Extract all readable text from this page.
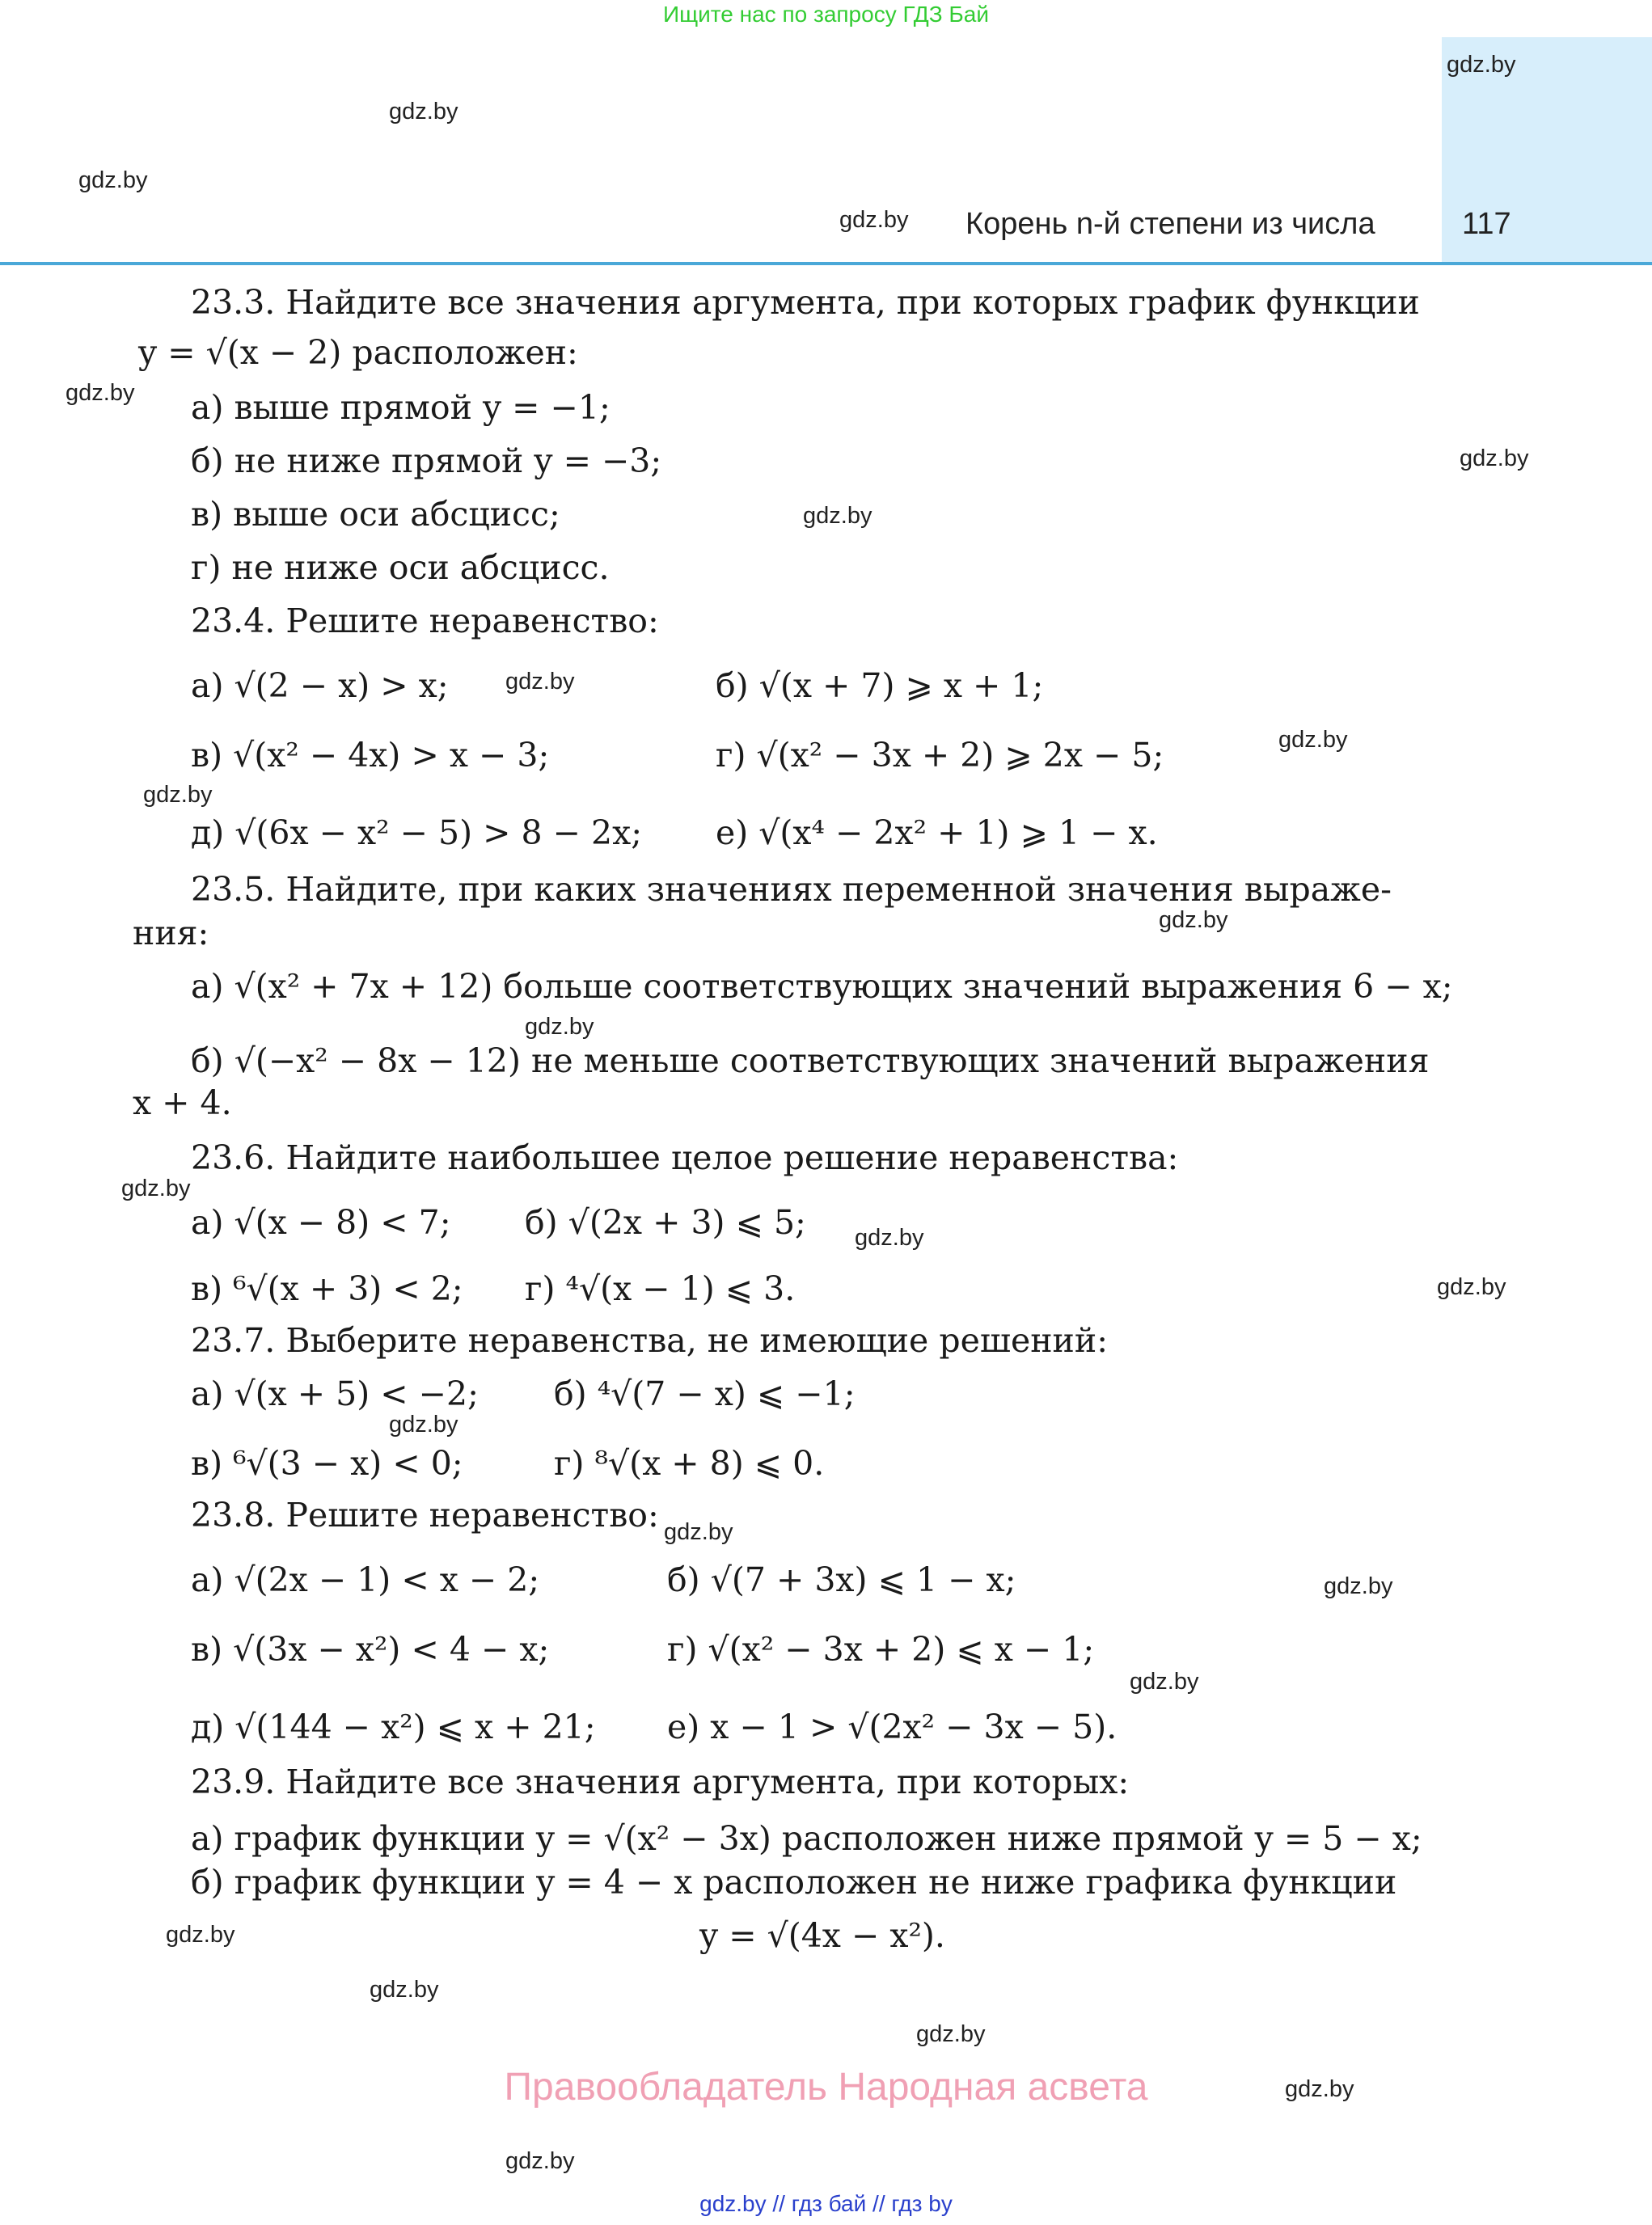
Ищите нас по запросу ГДЗ Бай
Корень n-й степени из числа	117
gdz.by
gdz.by
gdz.by
gdz.by
gdz.by
gdz.by
gdz.by
gdz.by
gdz.by
gdz.by
gdz.by
gdz.by
gdz.by
gdz.by
gdz.by
gdz.by
gdz.by
gdz.by
gdz.by
gdz.by
gdz.by
gdz.by
gdz.by
gdz.by
23.3. Найдите все значения аргумента, при которых график функции
y = √(x − 2) расположен:
а) выше прямой y = −1;
б) не ниже прямой y = −3;
в) выше оси абсцисс;
г) не ниже оси абсцисс.
23.4. Решите неравенство:
а) √(2 − x) > x;	б) √(x + 7) ⩾ x + 1;
в) √(x² − 4x) > x − 3;	г) √(x² − 3x + 2) ⩾ 2x − 5;
д) √(6x − x² − 5) > 8 − 2x; е) √(x⁴ − 2x² + 1) ⩾ 1 − x.
23.5. Найдите, при каких значениях переменной значения выраже-
ния:
а) √(x² + 7x + 12) больше соответствующих значений выражения 6 − x;
б) √(−x² − 8x − 12) не меньше соответствующих значений выражения
x + 4.
23.6. Найдите наибольшее целое решение неравенства:
а) √(x − 8) < 7; б) √(2x + 3) ⩽ 5;
в) ⁶√(x + 3) < 2; г) ⁴√(x − 1) ⩽ 3.
23.7. Выберите неравенства, не имеющие решений:
а) √(x + 5) < −2; б) ⁴√(7 − x) ⩽ −1;
в) ⁶√(3 − x) < 0;	г) ⁸√(x + 8) ⩽ 0.
23.8. Решите неравенство:
а) √(2x − 1) < x − 2;	б) √(7 + 3x) ⩽ 1 − x;
в) √(3x − x²) < 4 − x;	г) √(x² − 3x + 2) ⩽ x − 1;
д) √(144 − x²) ⩽ x + 21; е) x − 1 > √(2x² − 3x − 5).
23.9. Найдите все значения аргумента, при которых:
а) график функции y = √(x² − 3x) расположен ниже прямой y = 5 − x;
б) график функции y = 4 − x расположен не ниже графика функции
y = √(4x − x²).
Правообладатель Народная асвета
gdz.by // гдз бай // гдз by
